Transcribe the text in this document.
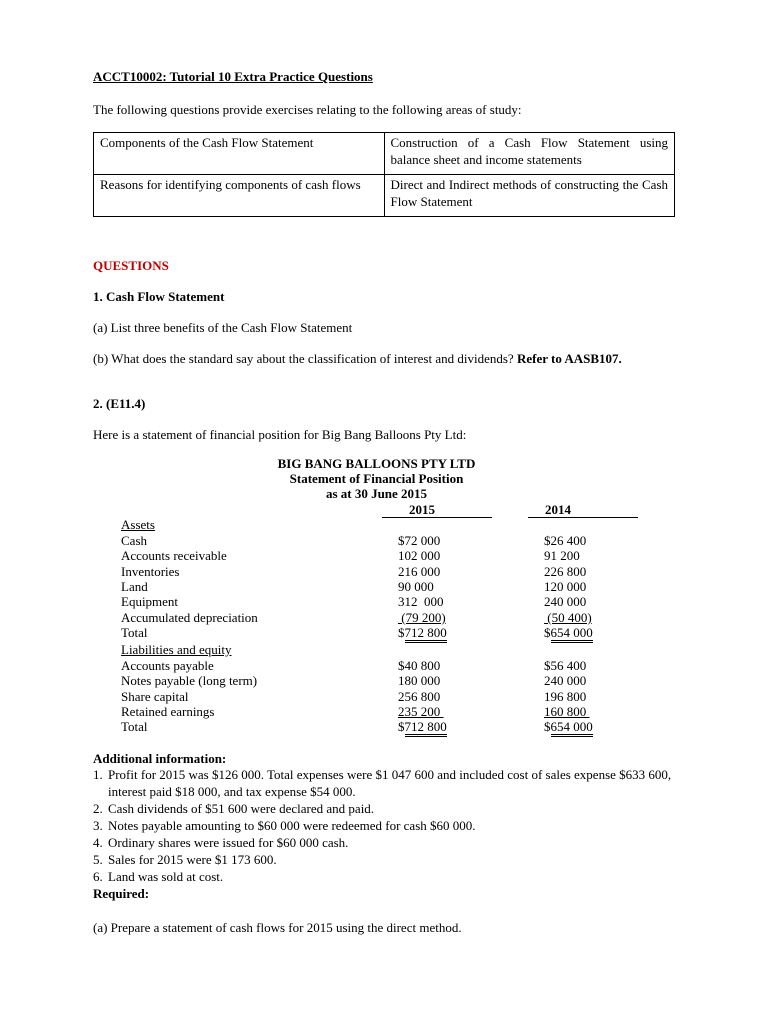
ACCT10002: Tutorial 10 Extra Practice Questions
The following questions provide exercises relating to the following areas of study:
Components of the Cash Flow Statement	Construction of a Cash Flow Statement using balance sheet and income statements
Reasons for identifying components of cash flows	Direct and Indirect methods of constructing the Cash Flow Statement
QUESTIONS
1. Cash Flow Statement
(a) List three benefits of the Cash Flow Statement
(b) What does the standard say about the classification of interest and dividends? Refer to AASB107.
2. (E11.4)
Here is a statement of financial position for Big Bang Balloons Pty Ltd:
BIG BANG BALLOONS PTY LTD
Statement of Financial Position
as at 30 June 2015
2015	2014
Assets
Cash	$72 000	$26 400
Accounts receivable	102 000	91 200
Inventories	216 000	226 800
Land	90 000	120 000
Equipment	312  000	240 000
Accumulated depreciation	(79 200)	(50 400)
Total	$712 800	$654 000
Liabilities and equity
Accounts payable	$40 800	$56 400
Notes payable (long term)	180 000	240 000
Share capital	256 800	196 800
Retained earnings	235 200	160 800
Total	$712 800	$654 000
Additional information:
1. Profit for 2015 was $126 000. Total expenses were $1 047 600 and included cost of sales expense $633 600, interest paid $18 000, and tax expense $54 000.
2. Cash dividends of $51 600 were declared and paid.
3. Notes payable amounting to $60 000 were redeemed for cash $60 000.
4. Ordinary shares were issued for $60 000 cash.
5. Sales for 2015 were $1 173 600.
6. Land was sold at cost.
Required:
(a) Prepare a statement of cash flows for 2015 using the direct method.
